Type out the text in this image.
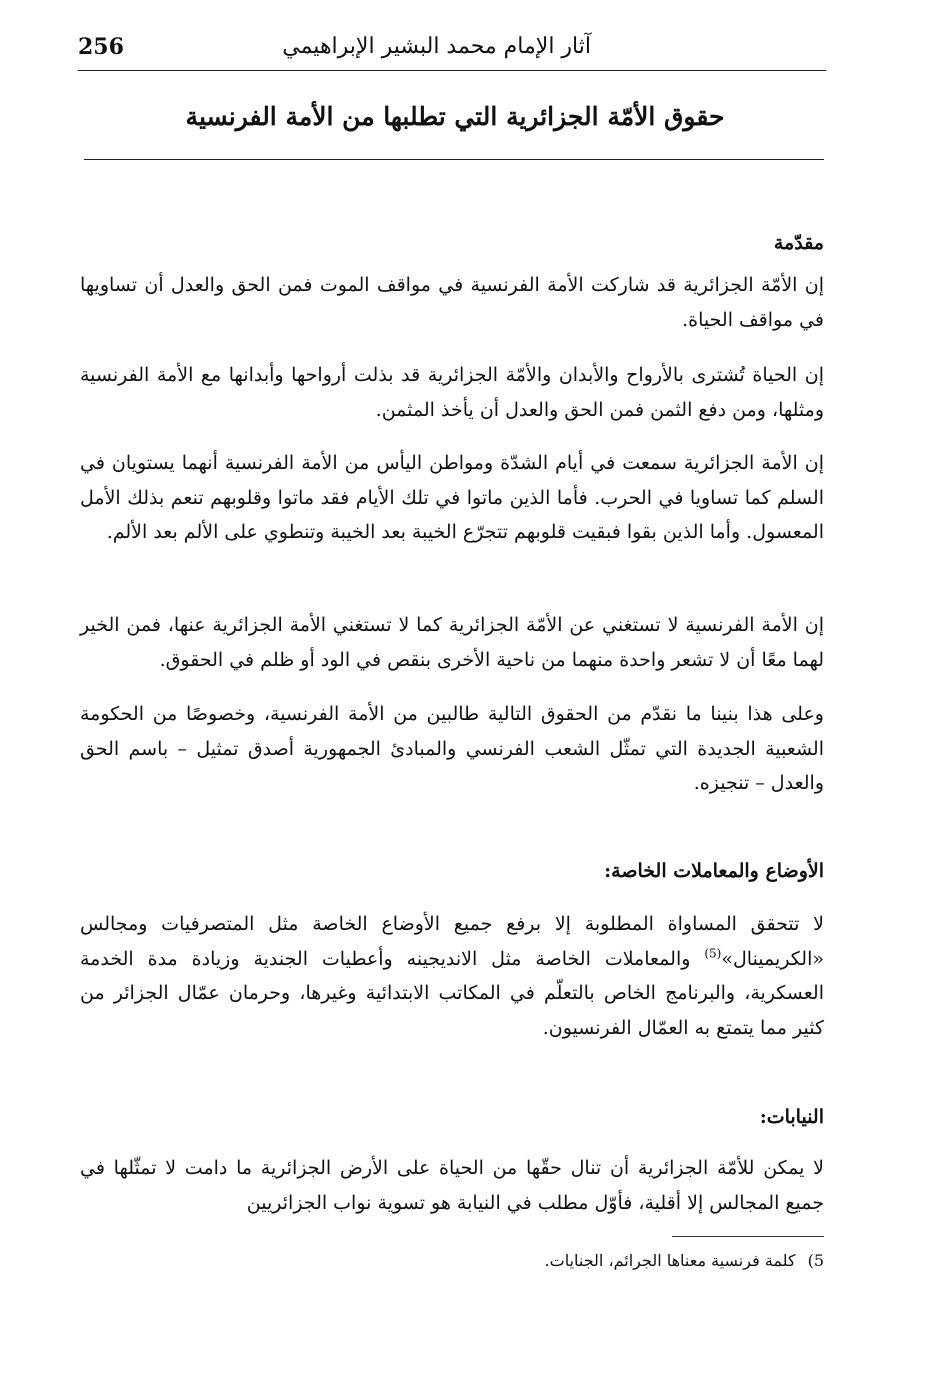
256	آثار الإمام محمد البشير الإبراهيمي
حقوق الأمّة الجزائرية التي تطلبها من الأمة الفرنسية
مقدّمة

إن الأمّة الجزائرية قد شاركت الأمة الفرنسية في مواقف الموت فمن الحق والعدل أن تساويها في مواقف الحياة.

إن الحياة تُشترى بالأرواح والأبدان والأمّة الجزائرية قد بذلت أرواحها وأبدانها مع الأمة الفرنسية ومثلها، ومن دفع الثمن فمن الحق والعدل أن يأخذ المثمن.

إن الأمة الجزائرية سمعت في أيام الشدّة ومواطن اليأس من الأمة الفرنسية أنهما يستويان في السلم كما تساويا في الحرب. فأما الذين ماتوا في تلك الأيام فقد ماتوا وقلوبهم تنعم بذلك الأمل المعسول. وأما الذين بقوا فبقيت قلوبهم تتجرّع الخيبة بعد الخيبة وتنطوي على الألم بعد الألم.

إن الأمة الفرنسية لا تستغني عن الأمّة الجزائرية كما لا تستغني الأمة الجزائرية عنها، فمن الخير لهما معًا أن لا تشعر واحدة منهما من ناحية الأخرى بنقص في الود أو ظلم في الحقوق.

وعلى هذا بنينا ما نقدّم من الحقوق التالية طالبين من الأمة الفرنسية، وخصوصًا من الحكومة الشعبية الجديدة التي تمثّل الشعب الفرنسي والمبادئ الجمهورية أصدق تمثيل – باسم الحق والعدل – تنجيزه.

الأوضاع والمعاملات الخاصة:

لا تتحقق المساواة المطلوبة إلا برفع جميع الأوضاع الخاصة مثل المتصرفيات ومجالس «الكريمينال»$^{(5)}$ والمعاملات الخاصة مثل الانديجينه وأعطيات الجندية وزيادة مدة الخدمة العسكرية، والبرنامج الخاص بالتعلّم في المكاتب الابتدائية وغيرها، وحرمان عمّال الجزائر من كثير مما يتمتع به العمّال الفرنسيون.

النيابات:

لا يمكن للأمّة الجزائرية أن تنال حقّها من الحياة على الأرض الجزائرية ما دامت لا تمثّلها في جميع المجالس إلا أقلية، فأوّل مطلب في النيابة هو تسوية نواب الجزائريين

5)كلمة فرنسية معناها الجرائم، الجنايات.
